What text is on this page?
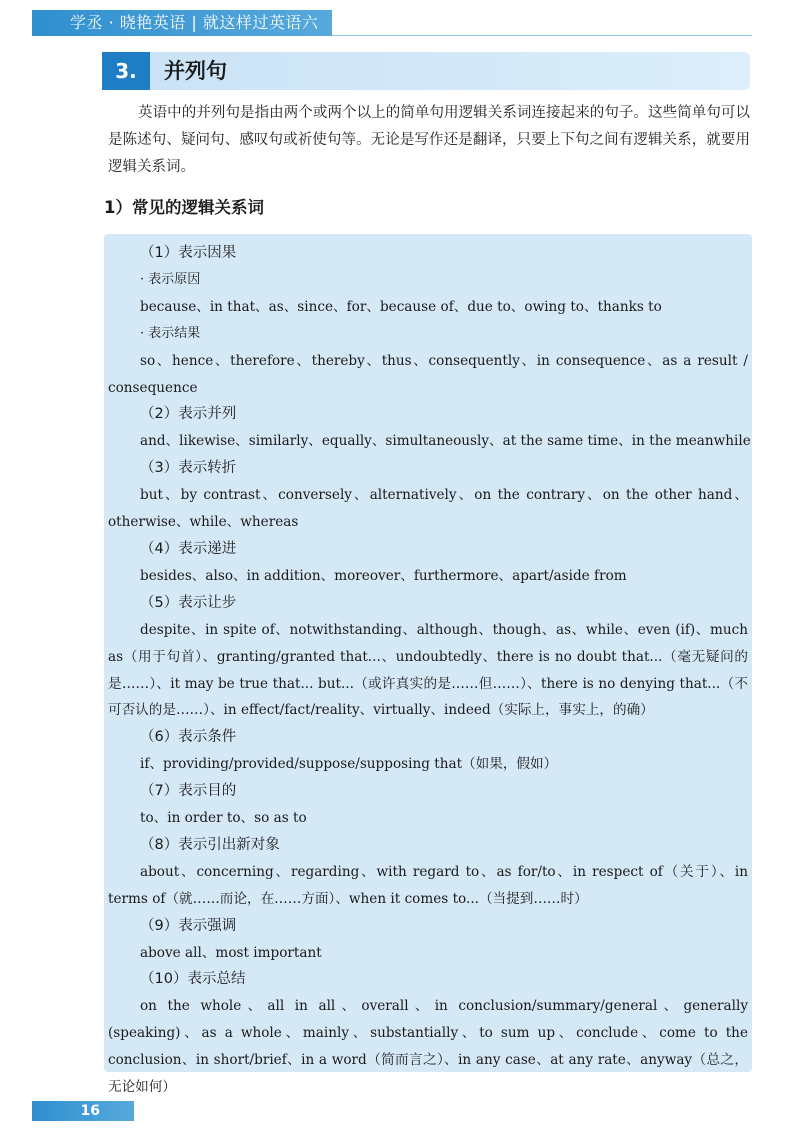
学丞 · 晓艳英语 | 就这样过英语六级
3.	并列句
英语中的并列句是指由两个或两个以上的简单句用逻辑关系词连接起来的句子。这些简单句可以是陈述句、疑问句、感叹句或祈使句等。无论是写作还是翻译，只要上下句之间有逻辑关系，就要用逻辑关系词。
1）常见的逻辑关系词
（1）表示因果
· 表示原因
because、in that、as、since、for、because of、due to、owing to、thanks to
· 表示结果
so、hence、therefore、thereby、thus、consequently、in consequence、as a result / consequence
（2）表示并列
and、likewise、similarly、equally、simultaneously、at the same time、in the meanwhile
（3）表示转折
but、by contrast、conversely、alternatively、on the contrary、on the other hand、otherwise、while、whereas
（4）表示递进
besides、also、in addition、moreover、furthermore、apart/aside from
（5）表示让步
despite、in spite of、notwithstanding、although、though、as、while、even (if)、much as（用于句首）、granting/granted that...、undoubtedly、there is no doubt that...（毫无疑问的是……）、it may be true that... but...（或许真实的是……但……）、there is no denying that...（不可否认的是……）、in effect/fact/reality、virtually、indeed（实际上，事实上，的确）
（6）表示条件
if、providing/provided/suppose/supposing that（如果，假如）
（7）表示目的
to、in order to、so as to
（8）表示引出新对象
about、concerning、regarding、with regard to、as for/to、in respect of（关于）、in terms of（就……而论，在……方面）、when it comes to...（当提到……时）
（9）表示强调
above all、most important
（10）表示总结
on the whole、all in all、overall、in conclusion/summary/general、generally (speaking)、as a whole、mainly、substantially、to sum up、conclude、come to the conclusion、in short/brief、in a word（简而言之）、in any case、at any rate、anyway（总之，无论如何）
16
